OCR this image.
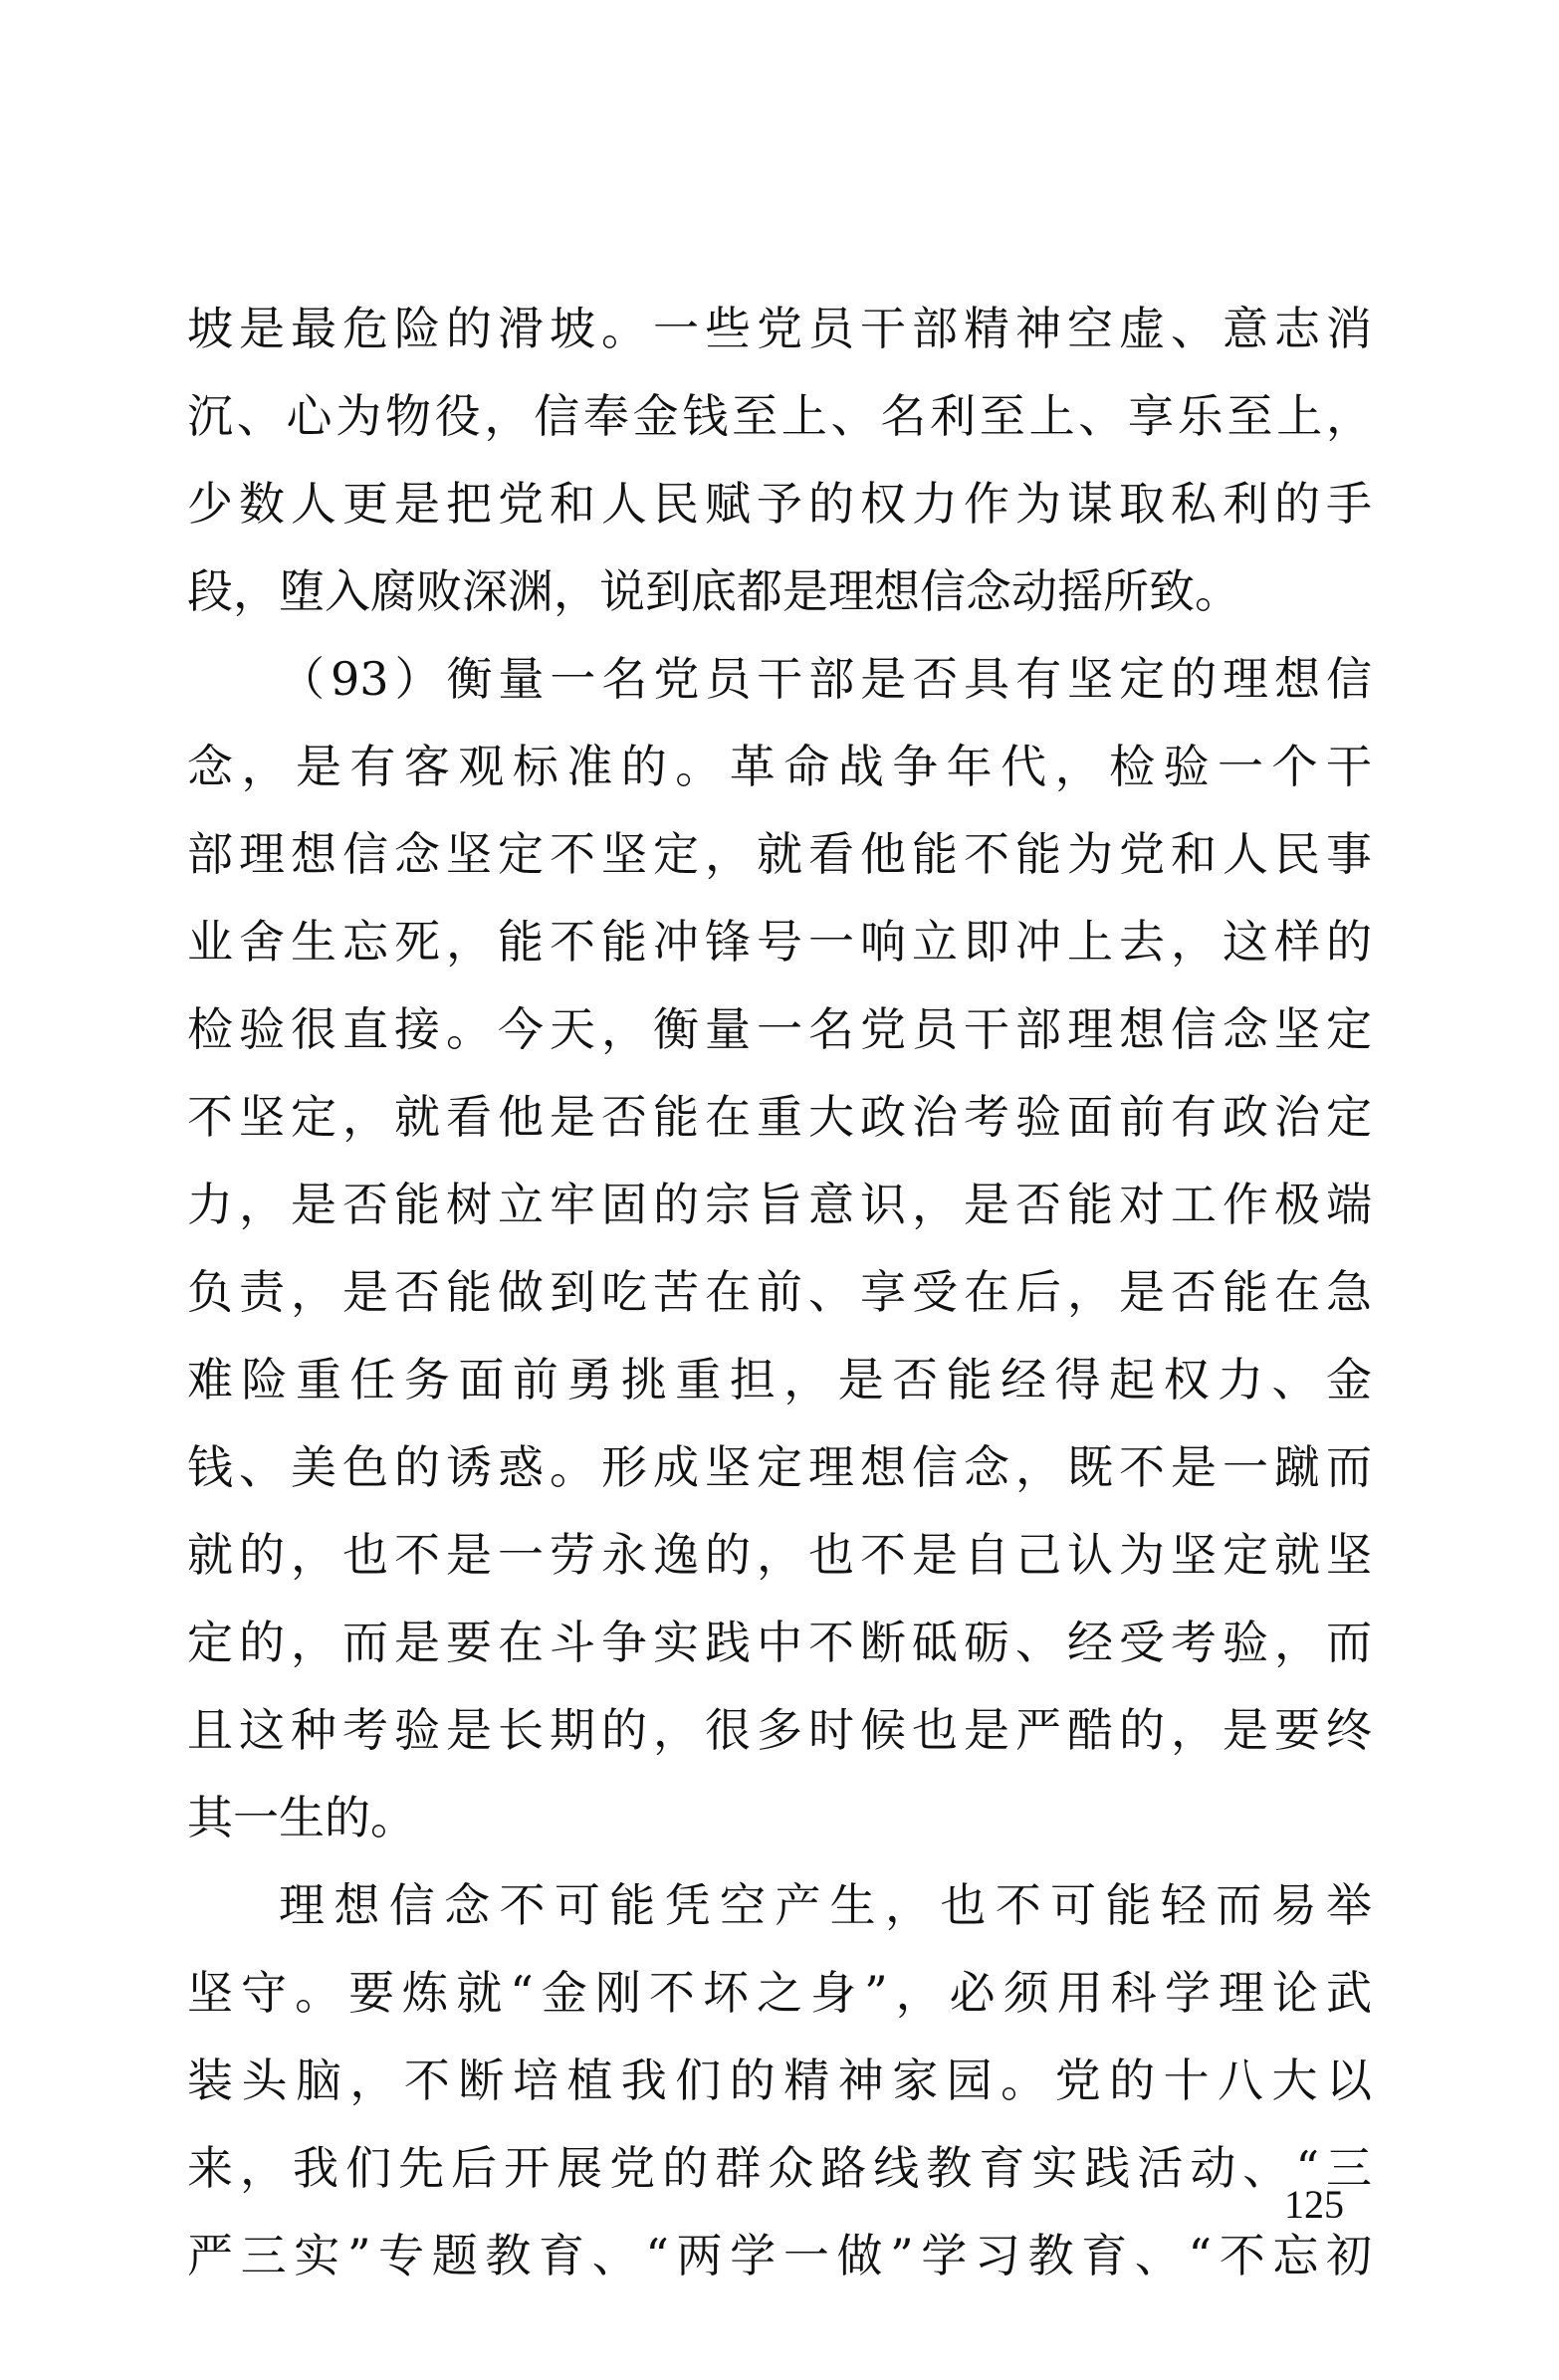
坡是最危险的滑坡。一些党员干部精神空虚、意志消
沉、心为物役，信奉金钱至上、名利至上、享乐至上，
少数人更是把党和人民赋予的权力作为谋取私利的手
段，堕入腐败深渊，说到底都是理想信念动摇所致。
（93）衡量一名党员干部是否具有坚定的理想信
念，是有客观标准的。革命战争年代，检验一个干
部理想信念坚定不坚定，就看他能不能为党和人民事
业舍生忘死，能不能冲锋号一响立即冲上去，这样的
检验很直接。今天，衡量一名党员干部理想信念坚定
不坚定，就看他是否能在重大政治考验面前有政治定
力，是否能树立牢固的宗旨意识，是否能对工作极端
负责，是否能做到吃苦在前、享受在后，是否能在急
难险重任务面前勇挑重担，是否能经得起权力、金
钱、美色的诱惑。形成坚定理想信念，既不是一蹴而
就的，也不是一劳永逸的，也不是自己认为坚定就坚
定的，而是要在斗争实践中不断砥砺、经受考验，而
且这种考验是长期的，很多时候也是严酷的，是要终
其一生的。
理想信念不可能凭空产生，也不可能轻而易举
坚守。要炼就“金刚不坏之身”，必须用科学理论武
装头脑，不断培植我们的精神家园。党的十八大以
来，我们先后开展党的群众路线教育实践活动、“三
严三实”专题教育、“两学一做”学习教育、“不忘初
125
